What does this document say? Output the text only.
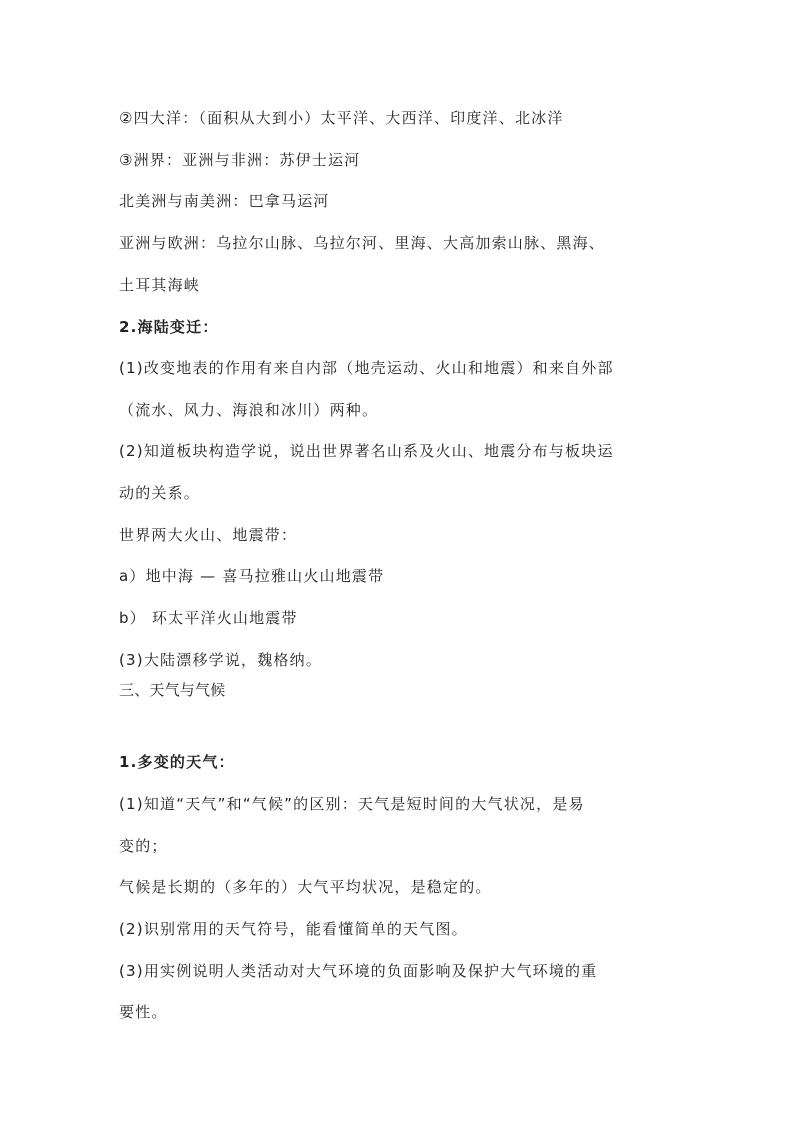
②四大洋：（面积从大到小）太平洋、大西洋、印度洋、北冰洋
③洲界：亚洲与非洲：苏伊士运河
北美洲与南美洲：巴拿马运河
亚洲与欧洲：乌拉尔山脉、乌拉尔河、里海、大高加索山脉、黑海、
土耳其海峡
2.海陆变迁：
(1)改变地表的作用有来自内部（地壳运动、火山和地震）和来自外部
（流水、风力、海浪和冰川）两种。
(2)知道板块构造学说，说出世界著名山系及火山、地震分布与板块运
动的关系。
世界两大火山、地震带：
a）地中海 — 喜马拉雅山火山地震带
b） 环太平洋火山地震带
(3)大陆漂移学说，魏格纳。
三、天气与气候
1.多变的天气：
(1)知道“天气”和“气候”的区别：天气是短时间的大气状况，是易
变的；
气候是长期的（多年的）大气平均状况，是稳定的。
(2)识别常用的天气符号，能看懂简单的天气图。
(3)用实例说明人类活动对大气环境的负面影响及保护大气环境的重
要性。
